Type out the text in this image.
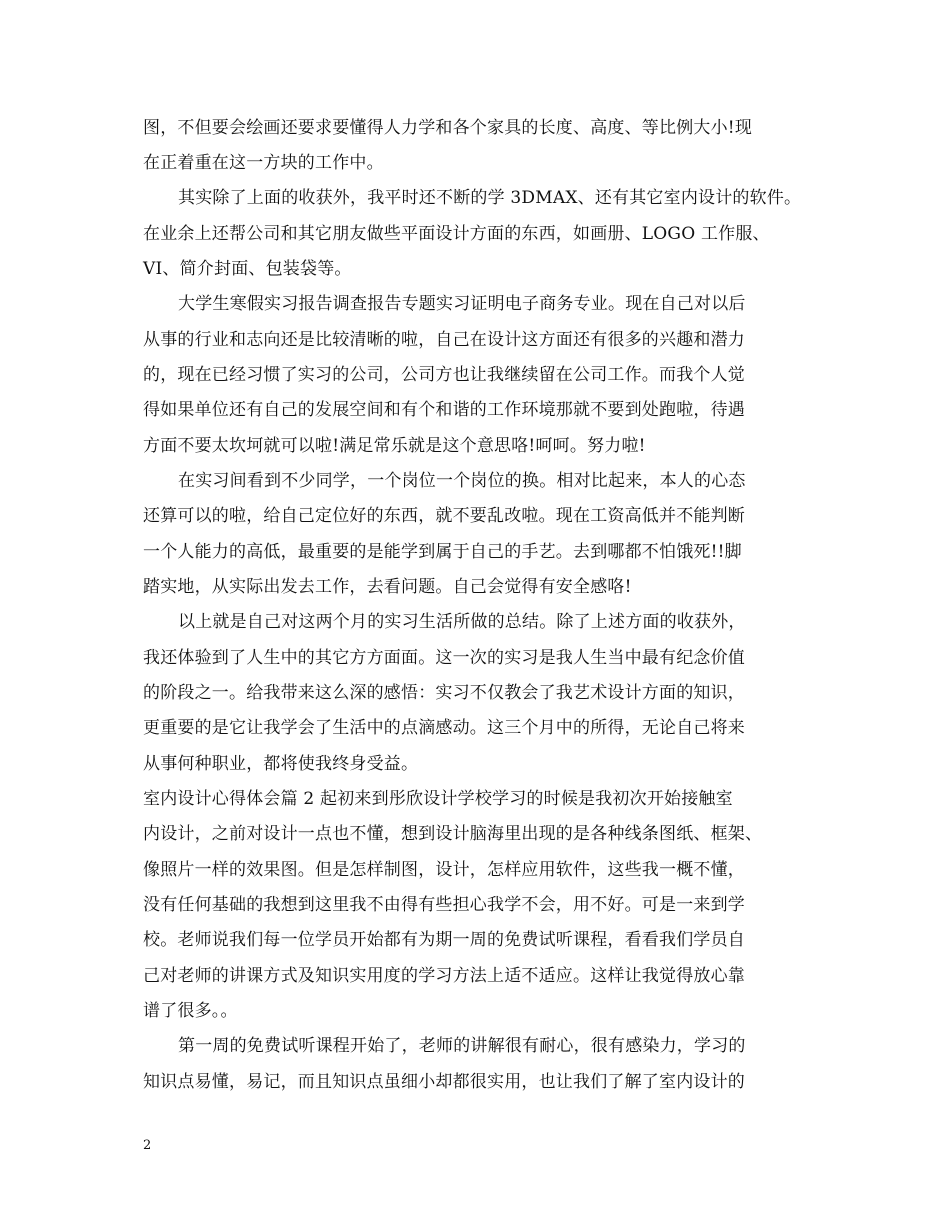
图，不但要会绘画还要求要懂得人力学和各个家具的长度、高度、等比例大小!现
在正着重在这一方块的工作中。
其实除了上面的收获外，我平时还不断的学 3DMAX、还有其它室内设计的软件。
在业余上还帮公司和其它朋友做些平面设计方面的东西，如画册、LOGO 工作服、
VI、简介封面、包装袋等。
大学生寒假实习报告调查报告专题实习证明电子商务专业。现在自己对以后
从事的行业和志向还是比较清晰的啦，自己在设计这方面还有很多的兴趣和潜力
的，现在已经习惯了实习的公司，公司方也让我继续留在公司工作。而我个人觉
得如果单位还有自己的发展空间和有个和谐的工作环境那就不要到处跑啦，待遇
方面不要太坎坷就可以啦!满足常乐就是这个意思咯!呵呵。努力啦!
在实习间看到不少同学，一个岗位一个岗位的换。相对比起来，本人的心态
还算可以的啦，给自己定位好的东西，就不要乱改啦。现在工资高低并不能判断
一个人能力的高低，最重要的是能学到属于自己的手艺。去到哪都不怕饿死!!脚
踏实地，从实际出发去工作，去看问题。自己会觉得有安全感咯!
以上就是自己对这两个月的实习生活所做的总结。除了上述方面的收获外，
我还体验到了人生中的其它方方面面。这一次的实习是我人生当中最有纪念价值
的阶段之一。给我带来这么深的感悟：实习不仅教会了我艺术设计方面的知识，
更重要的是它让我学会了生活中的点滴感动。这三个月中的所得，无论自己将来
从事何种职业，都将使我终身受益。
室内设计心得体会篇 2 起初来到彤欣设计学校学习的时候是我初次开始接触室
内设计，之前对设计一点也不懂，想到设计脑海里出现的是各种线条图纸、框架、
像照片一样的效果图。但是怎样制图，设计，怎样应用软件，这些我一概不懂，
没有任何基础的我想到这里我不由得有些担心我学不会，用不好。可是一来到学
校。老师说我们每一位学员开始都有为期一周的免费试听课程，看看我们学员自
己对老师的讲课方式及知识实用度的学习方法上适不适应。这样让我觉得放心靠
谱了很多。。
第一周的免费试听课程开始了，老师的讲解很有耐心，很有感染力，学习的
知识点易懂，易记，而且知识点虽细小却都很实用，也让我们了解了室内设计的
2
